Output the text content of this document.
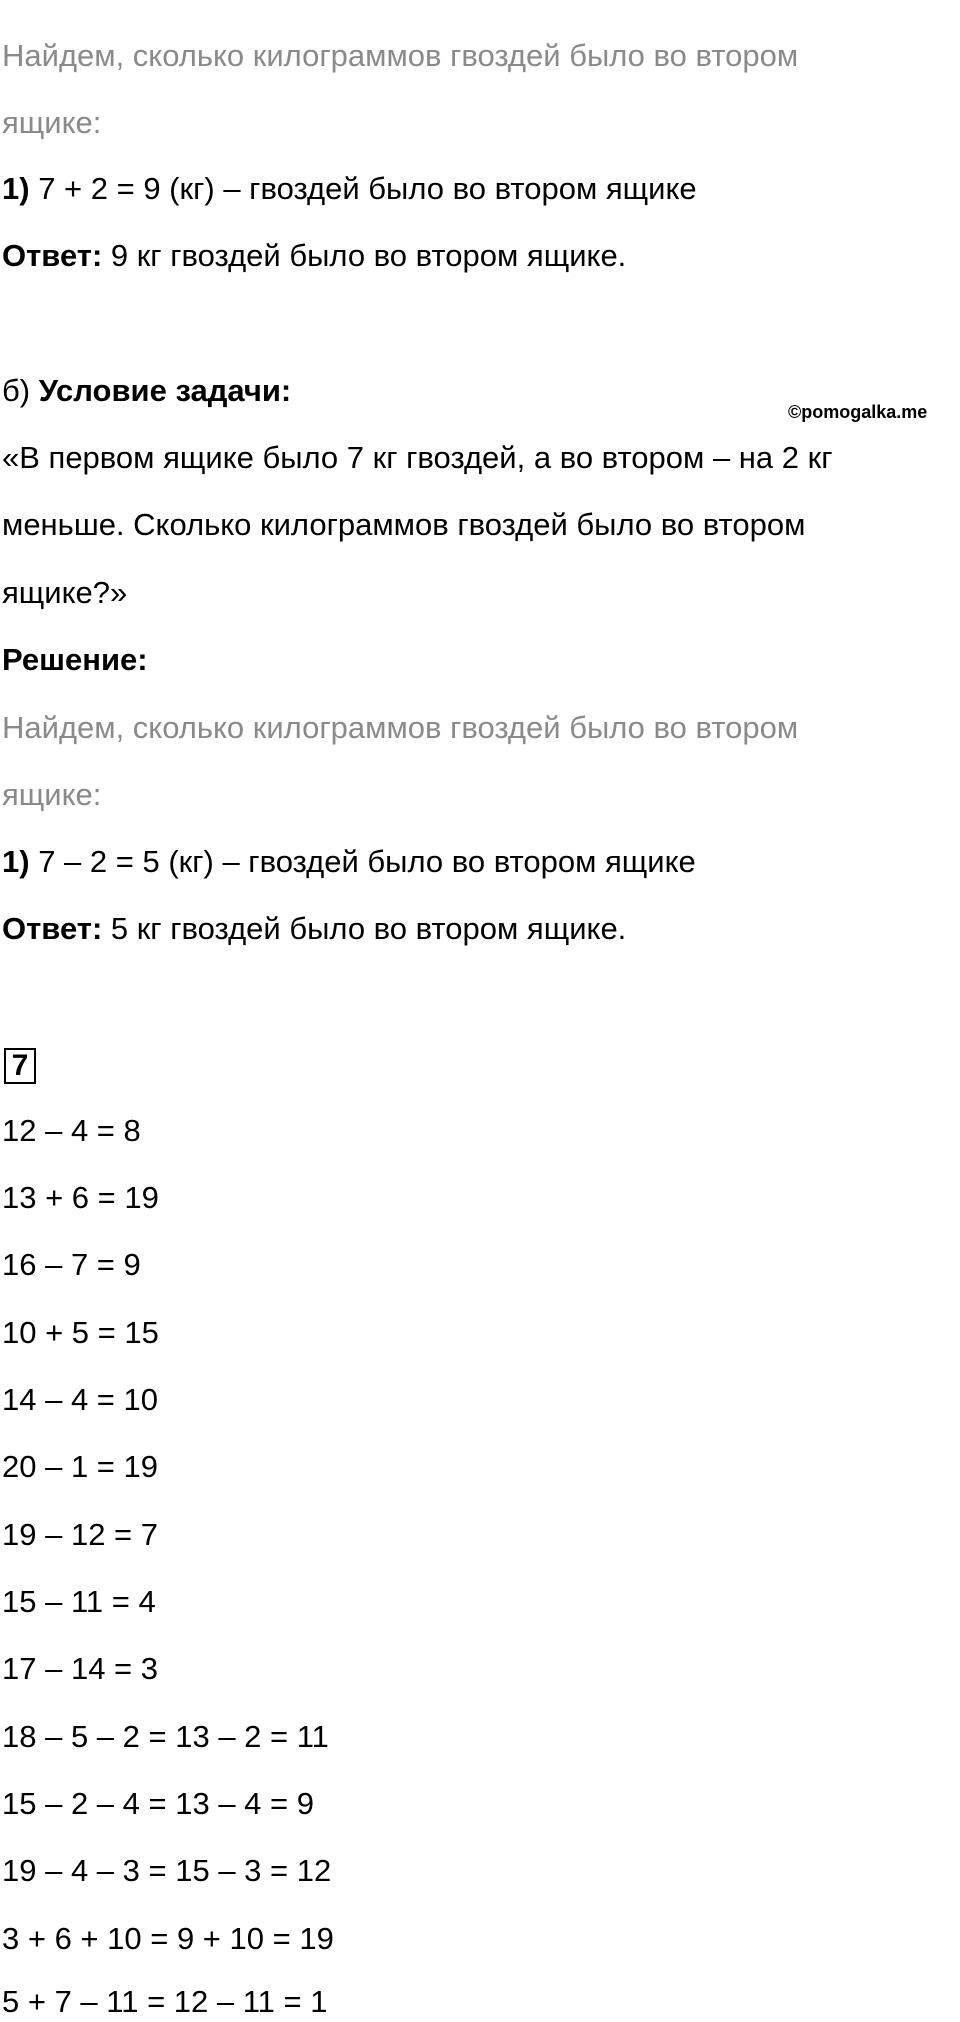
Найдем, сколько килограммов гвоздей было во втором
ящике:
1) 7 + 2 = 9 (кг) – гвоздей было во втором ящике
Ответ: 9 кг гвоздей было во втором ящике.
б) Условие задачи:
©pomogalka.me
«В первом ящике было 7 кг гвоздей, а во втором – на 2 кг
меньше. Сколько килограммов гвоздей было во втором
ящике?»
Решение:
Найдем, сколько килограммов гвоздей было во втором
ящике:
1) 7 – 2 = 5 (кг) – гвоздей было во втором ящике
Ответ: 5 кг гвоздей было во втором ящике.
7
12 – 4 = 8
13 + 6 = 19
16 – 7 = 9
10 + 5 = 15
14 – 4 = 10
20 – 1 = 19
19 – 12 = 7
15 – 11 = 4
17 – 14 = 3
18 – 5 – 2 = 13 – 2 = 11
15 – 2 – 4 = 13 – 4 = 9
19 – 4 – 3 = 15 – 3 = 12
3 + 6 + 10 = 9 + 10 = 19
5 + 7 – 11 = 12 – 11 = 1
